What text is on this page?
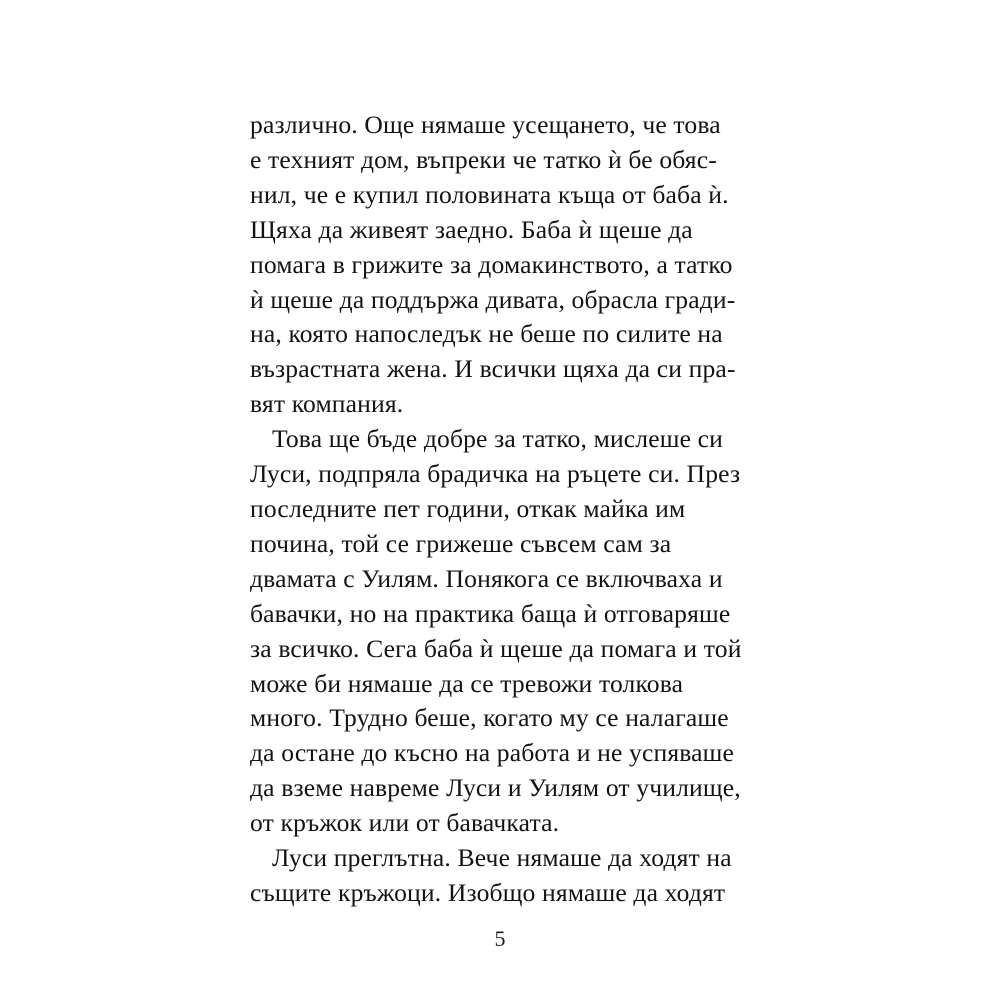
различно. Още нямаше усещането, че това
е техният дом, въпреки че татко ѝ бе обяс-
нил, че е купил половината къща от баба ѝ.
Щяха да живеят заедно. Баба ѝ щеше да
помага в грижите за домакинството, а татко
ѝ щеше да поддържа дивата, обрасла гради-
на, която напоследък не беше по силите на
възрастната жена. И всички щяха да си пра-
вят компания.

Това ще бъде добре за татко, мислеше си
Луси, подпряла брадичка на ръцете си. През
последните пет години, откак майка им
почина, той се грижеше съвсем сам за
двамата с Уилям. Понякога се включваха и
бавачки, но на практика баща ѝ отговаряше
за всичко. Сега баба ѝ щеше да помага и той
може би нямаше да се тревожи толкова
много. Трудно беше, когато му се налагаше
да остане до късно на работа и не успяваше
да вземе навреме Луси и Уилям от училище,
от кръжок или от бавачката.

Луси преглътна. Вече нямаше да ходят на
същите кръжоци. Изобщо нямаше да ходят

5
